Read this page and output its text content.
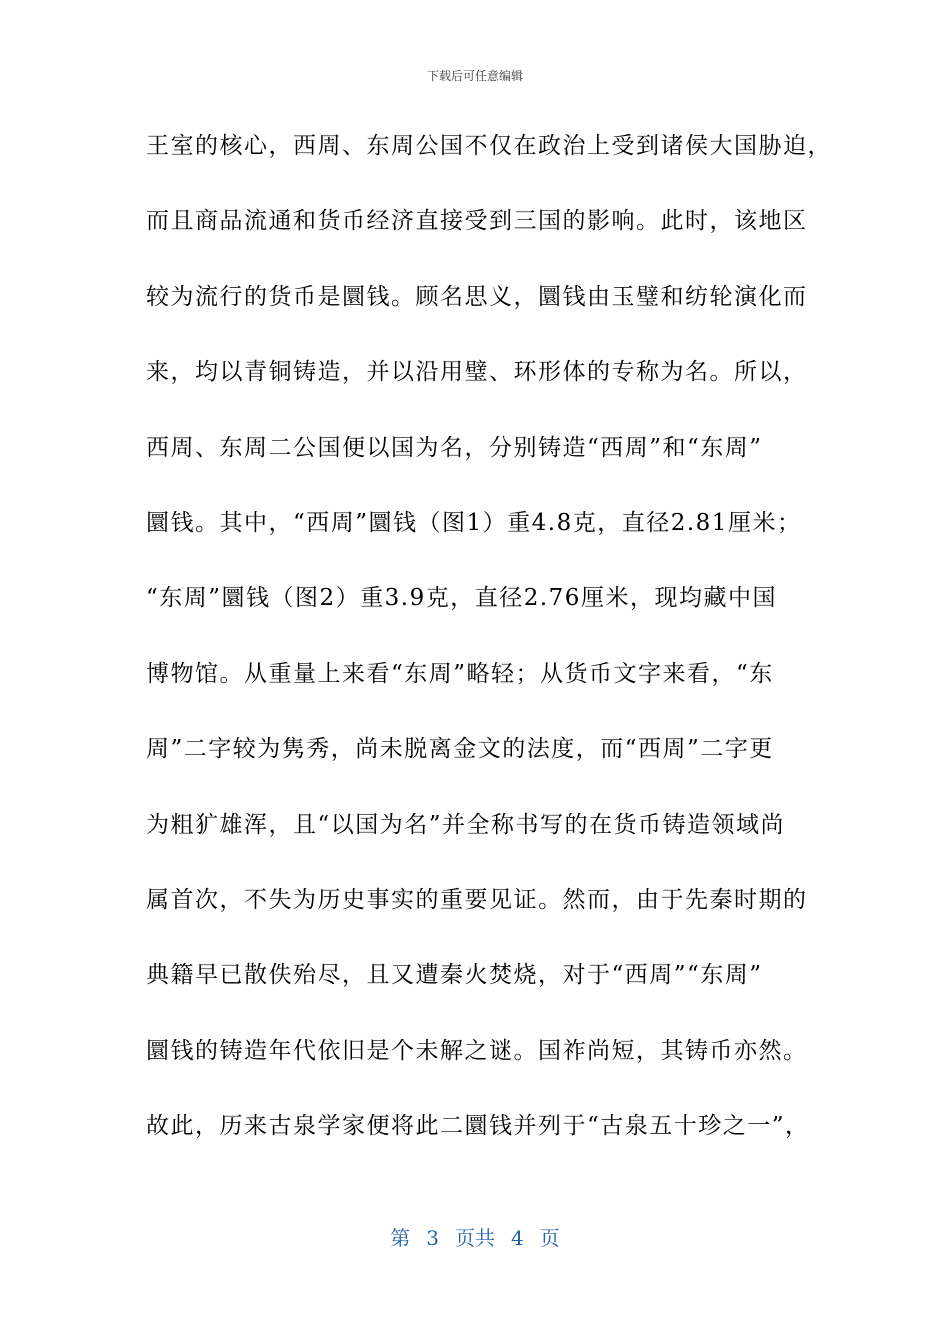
下载后可任意编辑
王室的核心，西周、东周公国不仅在政治上受到诸侯大国胁迫，
而且商品流通和货币经济直接受到三国的影响。此时，该地区
较为流行的货币是圜钱。顾名思义，圜钱由玉璧和纺轮演化而
来，均以青铜铸造，并以沿用璧、环形体的专称为名。所以，
西周、东周二公国便以国为名，分别铸造“西周”和“东周”
圜钱。其中，“西周”圜钱（图1）重4.8克，直径2.81厘米；
“东周”圜钱（图2）重3.9克，直径2.76厘米，现均藏中国
博物馆。从重量上来看“东周”略轻；从货币文字来看，“东
周”二字较为隽秀，尚未脱离金文的法度，而“西周”二字更
为粗犷雄浑，且“以国为名”并全称书写的在货币铸造领域尚
属首次，不失为历史事实的重要见证。然而，由于先秦时期的
典籍早已散佚殆尽，且又遭秦火焚烧，对于“西周”“东周”
圜钱的铸造年代依旧是个未解之谜。国祚尚短，其铸币亦然。
故此，历来古泉学家便将此二圜钱并列于“古泉五十珍之一”，
第 3 页共 4 页
